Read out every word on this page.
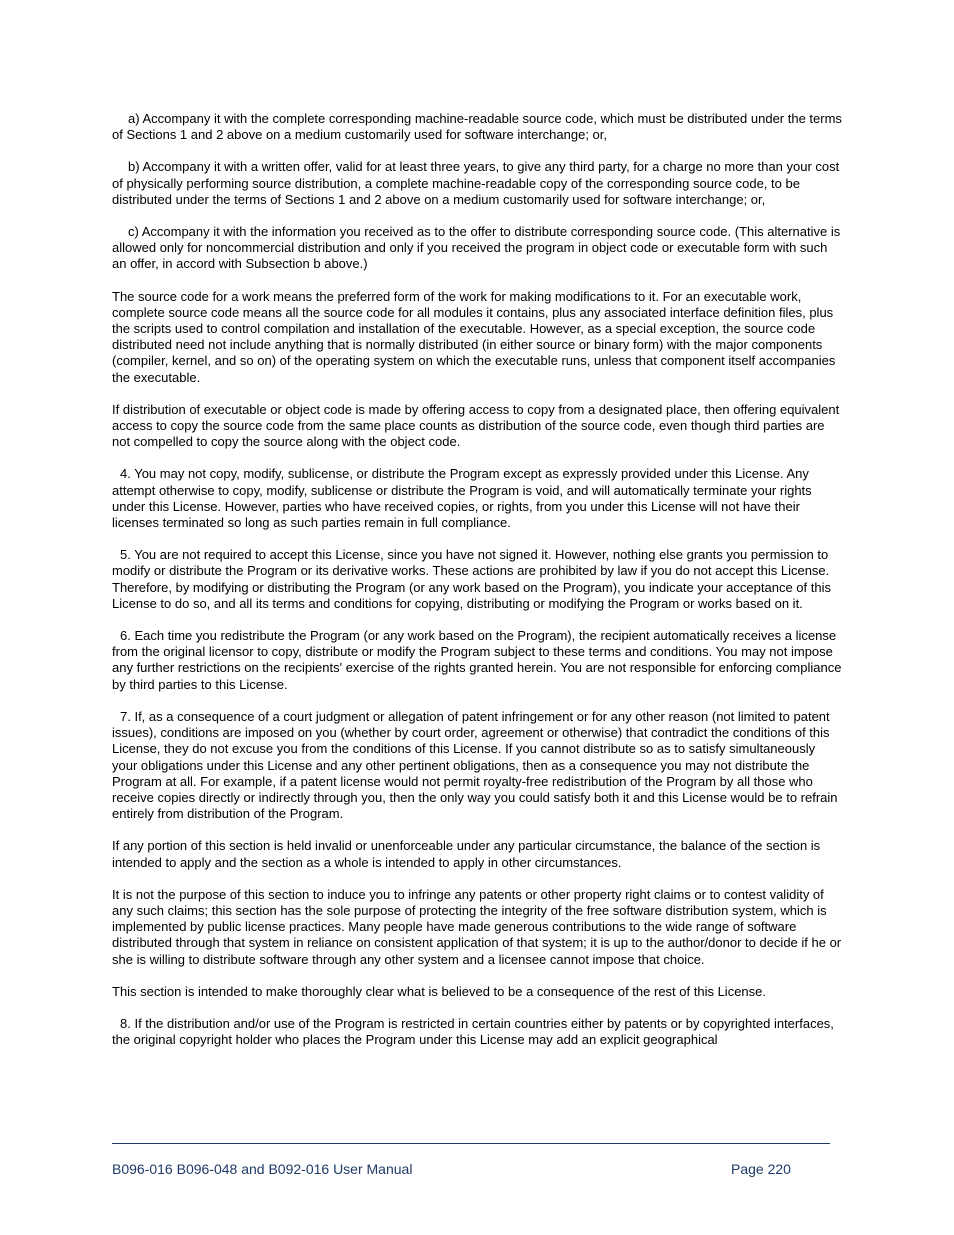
a) Accompany it with the complete corresponding machine-readable source code, which must be distributed under the terms of Sections 1 and 2 above on a medium customarily used for software interchange; or,

b) Accompany it with a written offer, valid for at least three years, to give any third party, for a charge no more than your cost of physically performing source distribution, a complete machine-readable copy of the corresponding source code, to be distributed under the terms of Sections 1 and 2 above on a medium customarily used for software interchange; or,

c) Accompany it with the information you received as to the offer to distribute corresponding source code. (This alternative is allowed only for noncommercial distribution and only if you received the program in object code or executable form with such an offer, in accord with Subsection b above.)

The source code for a work means the preferred form of the work for making modifications to it. For an executable work, complete source code means all the source code for all modules it contains, plus any associated interface definition files, plus the scripts used to control compilation and installation of the executable. However, as a special exception, the source code distributed need not include anything that is normally distributed (in either source or binary form) with the major components (compiler, kernel, and so on) of the operating system on which the executable runs, unless that component itself accompanies the executable.

If distribution of executable or object code is made by offering access to copy from a designated place, then offering equivalent access to copy the source code from the same place counts as distribution of the source code, even though third parties are not compelled to copy the source along with the object code.

4. You may not copy, modify, sublicense, or distribute the Program except as expressly provided under this License. Any attempt otherwise to copy, modify, sublicense or distribute the Program is void, and will automatically terminate your rights under this License. However, parties who have received copies, or rights, from you under this License will not have their licenses terminated so long as such parties remain in full compliance.

5. You are not required to accept this License, since you have not signed it. However, nothing else grants you permission to modify or distribute the Program or its derivative works. These actions are prohibited by law if you do not accept this License. Therefore, by modifying or distributing the Program (or any work based on the Program), you indicate your acceptance of this License to do so, and all its terms and conditions for copying, distributing or modifying the Program or works based on it.

6. Each time you redistribute the Program (or any work based on the Program), the recipient automatically receives a license from the original licensor to copy, distribute or modify the Program subject to these terms and conditions. You may not impose any further restrictions on the recipients' exercise of the rights granted herein. You are not responsible for enforcing compliance by third parties to this License.

7. If, as a consequence of a court judgment or allegation of patent infringement or for any other reason (not limited to patent issues), conditions are imposed on you (whether by court order, agreement or otherwise) that contradict the conditions of this License, they do not excuse you from the conditions of this License. If you cannot distribute so as to satisfy simultaneously your obligations under this License and any other pertinent obligations, then as a consequence you may not distribute the Program at all. For example, if a patent license would not permit royalty-free redistribution of the Program by all those who receive copies directly or indirectly through you, then the only way you could satisfy both it and this License would be to refrain entirely from distribution of the Program.

If any portion of this section is held invalid or unenforceable under any particular circumstance, the balance of the section is intended to apply and the section as a whole is intended to apply in other circumstances.

It is not the purpose of this section to induce you to infringe any patents or other property right claims or to contest validity of any such claims; this section has the sole purpose of protecting the integrity of the free software distribution system, which is implemented by public license practices. Many people have made generous contributions to the wide range of software distributed through that system in reliance on consistent application of that system; it is up to the author/donor to decide if he or she is willing to distribute software through any other system and a licensee cannot impose that choice.

This section is intended to make thoroughly clear what is believed to be a consequence of the rest of this License.

8. If the distribution and/or use of the Program is restricted in certain countries either by patents or by copyrighted interfaces, the original copyright holder who places the Program under this License may add an explicit geographical

B096-016 B096-048 and B092-016 User Manual	Page 220
